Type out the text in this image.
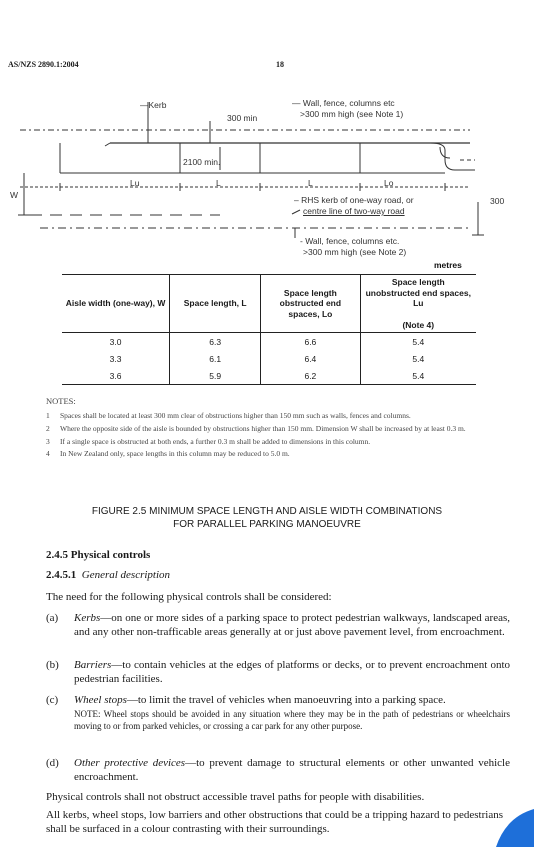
AS/NZS 2890.1:2004	18
—Kerb
300 min
— Wall, fence, columns etc
>300 mm high (see Note 1)
2100 min.
Lu	L	L	Lo
W	– RHS kerb of one-way road, or
centre line of two-way road
300
- Wall, fence, columns etc.
>300 mm high (see Note 2)
metres
Aisle width (one-way), W	Space length, L	Space length obstructed end spaces, Lo	Space length unobstructed end spaces, Lu

(Note 4)
3.0	6.3	6.6	5.4
3.3	6.1	6.4	5.4
3.6	5.9	6.2	5.4
NOTES:
1	Spaces shall be located at least 300 mm clear of obstructions higher than 150 mm such as walls, fences and columns.
2	Where the opposite side of the aisle is bounded by obstructions higher than 150 mm. Dimension W shall be increased by at least 0.3 m.
3	If a single space is obstructed at both ends, a further 0.3 m shall be added to dimensions in this column.
4	In New Zealand only, space lengths in this column may be reduced to 5.0 m.
FIGURE 2.5 MINIMUM SPACE LENGTH AND AISLE WIDTH COMBINATIONS
FOR PARALLEL PARKING MANOEUVRE
2.4.5 Physical controls
2.4.5.1 General description
The need for the following physical controls shall be considered:
(a)	Kerbs—on one or more sides of a parking space to protect pedestrian walkways, landscaped areas, and any other non-trafficable areas generally at or just above pavement level, from encroachment.
(b)	Barriers—to contain vehicles at the edges of platforms or decks, or to prevent encroachment onto pedestrian facilities.
(c)	Wheel stops—to limit the travel of vehicles when manoeuvring into a parking space.
NOTE: Wheel stops should be avoided in any situation where they may be in the path of pedestrians or wheelchairs moving to or from parked vehicles, or crossing a car park for any other purpose.
(d)	Other protective devices—to prevent damage to structural elements or other unwanted vehicle encroachment.
Physical controls shall not obstruct accessible travel paths for people with disabilities.
All kerbs, wheel stops, low barriers and other obstructions that could be a tripping hazard to pedestrians shall be surfaced in a colour contrasting with their surroundings.
